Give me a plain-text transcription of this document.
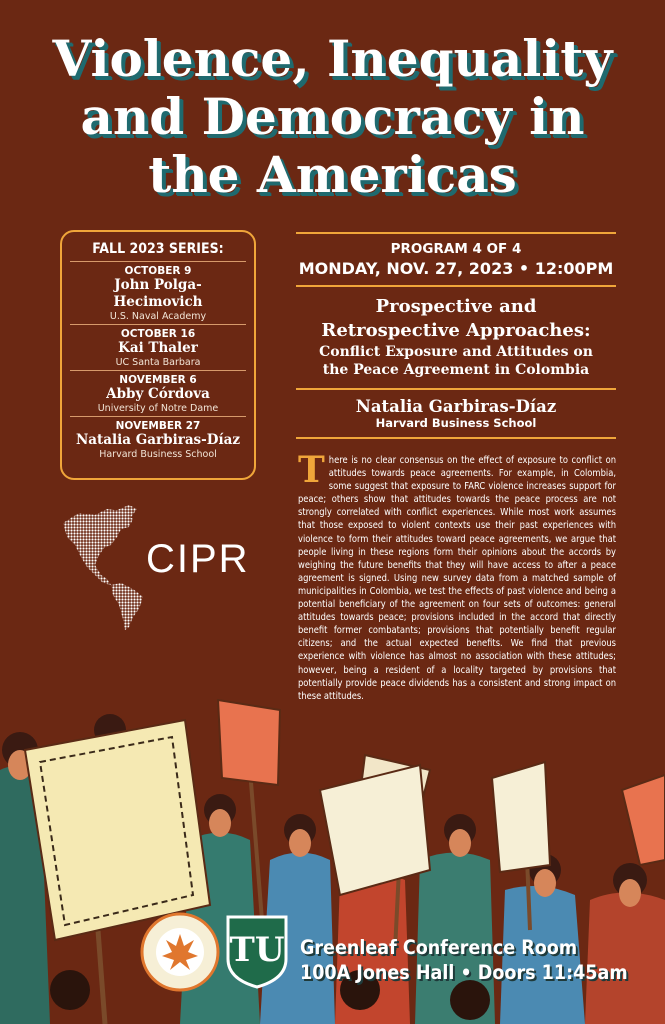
Violence, Inequality
and Democracy in
the Americas
FALL 2023 SERIES:
OCTOBER 9
John Polga-Hecimovich
U.S. Naval Academy
OCTOBER 16
Kai Thaler
UC Santa Barbara
NOVEMBER 6
Abby Córdova
University of Notre Dame
NOVEMBER 27
Natalia Garbiras-Díaz
Harvard Business School
CIPR
PROGRAM 4 OF 4
MONDAY, NOV. 27, 2023 • 12:00PM
Prospective and
Retrospective Approaches:
Conflict Exposure and Attitudes on
the Peace Agreement in Colombia
Natalia Garbiras-Díaz
Harvard Business School
There is no clear consensus on the effect of exposure to conflict on attitudes towards peace agreements. For example, in Colombia, some suggest that exposure to FARC violence increases support for peace; others show that attitudes towards the peace process are not strongly correlated with conflict experiences. While most work assumes that those exposed to violent contexts use their past experiences with violence to form their attitudes toward peace agreements, we argue that people living in these regions form their opinions about the accords by weighing the future benefits that they will have access to after a peace agreement is signed. Using new survey data from a matched sample of municipalities in Colombia, we test the effects of past violence and being a potential beneficiary of the agreement on four sets of outcomes: general attitudes towards peace; provisions included in the accord that directly benefit former combatants; provisions that potentially benefit regular citizens; and the actual expected benefits. We find that previous experience with violence has almost no association with these attitudes; however, being a resident of a locality targeted by provisions that potentially provide peace dividends has a consistent and strong impact on these attitudes.
TU Greenleaf Conference Room
100A Jones Hall • Doors 11:45am
